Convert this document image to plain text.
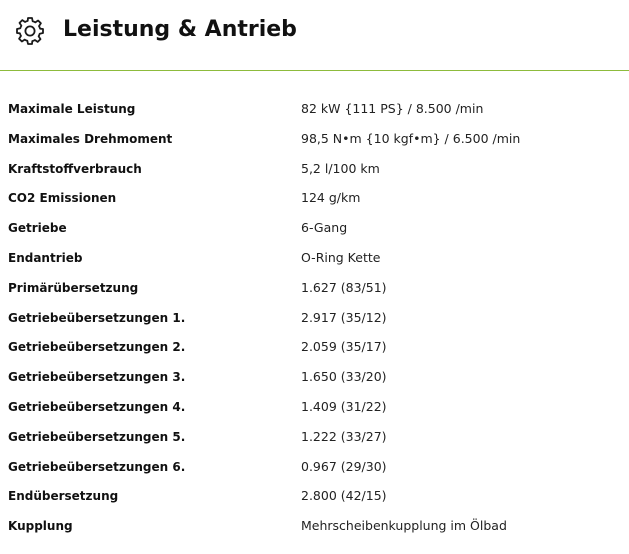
Leistung & Antrieb
Maximale Leistung	82 kW {111 PS} / 8.500 /min
Maximales Drehmoment	98,5 N•m {10 kgf•m} / 6.500 /min
Kraftstoffverbrauch	5,2 l/100 km
CO2 Emissionen	124 g/km
Getriebe	6-Gang
Endantrieb	O-Ring Kette
Primärübersetzung	1.627 (83/51)
Getriebeübersetzungen 1.	2.917 (35/12)
Getriebeübersetzungen 2.	2.059 (35/17)
Getriebeübersetzungen 3.	1.650 (33/20)
Getriebeübersetzungen 4.	1.409 (31/22)
Getriebeübersetzungen 5.	1.222 (33/27)
Getriebeübersetzungen 6.	0.967 (29/30)
Endübersetzung	2.800 (42/15)
Kupplung	Mehrscheibenkupplung im Ölbad
